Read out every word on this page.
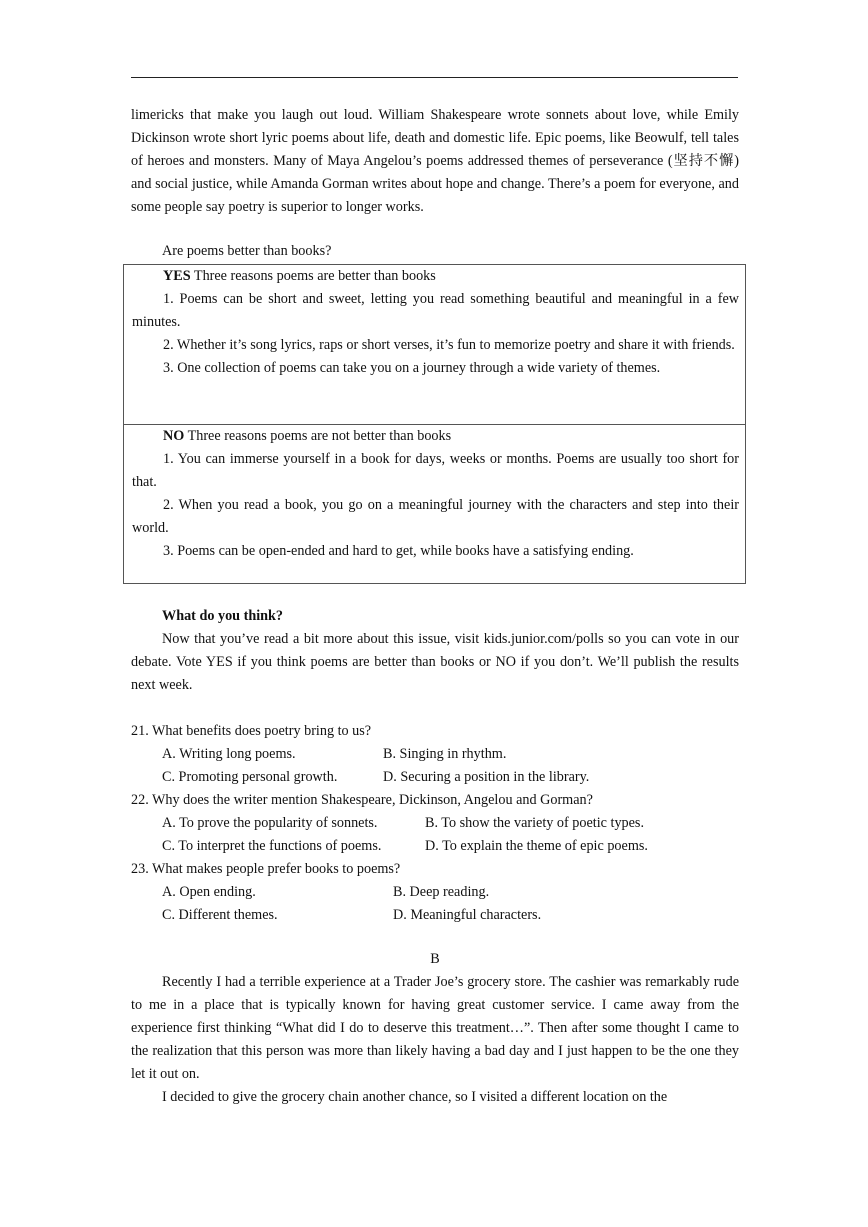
limericks that make you laugh out loud. William Shakespeare wrote sonnets about love, while Emily Dickinson wrote short lyric poems about life, death and domestic life. Epic poems, like Beowulf, tell tales of heroes and monsters. Many of Maya Angelou’s poems addressed themes of perseverance (坚持不懈) and social justice, while Amanda Gorman writes about hope and change. There’s a poem for everyone, and some people say poetry is superior to longer works.

Are poems better than books?

YES Three reasons poems are better than books

1. Poems can be short and sweet, letting you read something beautiful and meaningful in a few minutes.

2. Whether it’s song lyrics, raps or short verses, it’s fun to memorize poetry and share it with friends.

3. One collection of poems can take you on a journey through a wide variety of themes.

NO Three reasons poems are not better than books

1. You can immerse yourself in a book for days, weeks or months. Poems are usually too short for that.

2. When you read a book, you go on a meaningful journey with the characters and step into their world.

3. Poems can be open-ended and hard to get, while books have a satisfying ending.

What do you think?

Now that you’ve read a bit more about this issue, visit kids.junior.com/polls so you can vote in our debate. Vote YES if you think poems are better than books or NO if you don’t. We’ll publish the results next week.

21. What benefits does poetry bring to us?

A. Writing long poems.	B. Singing in rhythm.
C. Promoting personal growth.	D. Securing a position in the library.

22. Why does the writer mention Shakespeare, Dickinson, Angelou and Gorman?

A. To prove the popularity of sonnets.	B. To show the variety of poetic types.
C. To interpret the functions of poems.	D. To explain the theme of epic poems.

23. What makes people prefer books to poems?

A. Open ending.	B. Deep reading.
C. Different themes.	D. Meaningful characters.

B

Recently I had a terrible experience at a Trader Joe’s grocery store. The cashier was remarkably rude to me in a place that is typically known for having great customer service. I came away from the experience first thinking “What did I do to deserve this treatment…”. Then after some thought I came to the realization that this person was more than likely having a bad day and I just happen to be the one they let it out on.

I decided to give the grocery chain another chance, so I visited a different location on the
